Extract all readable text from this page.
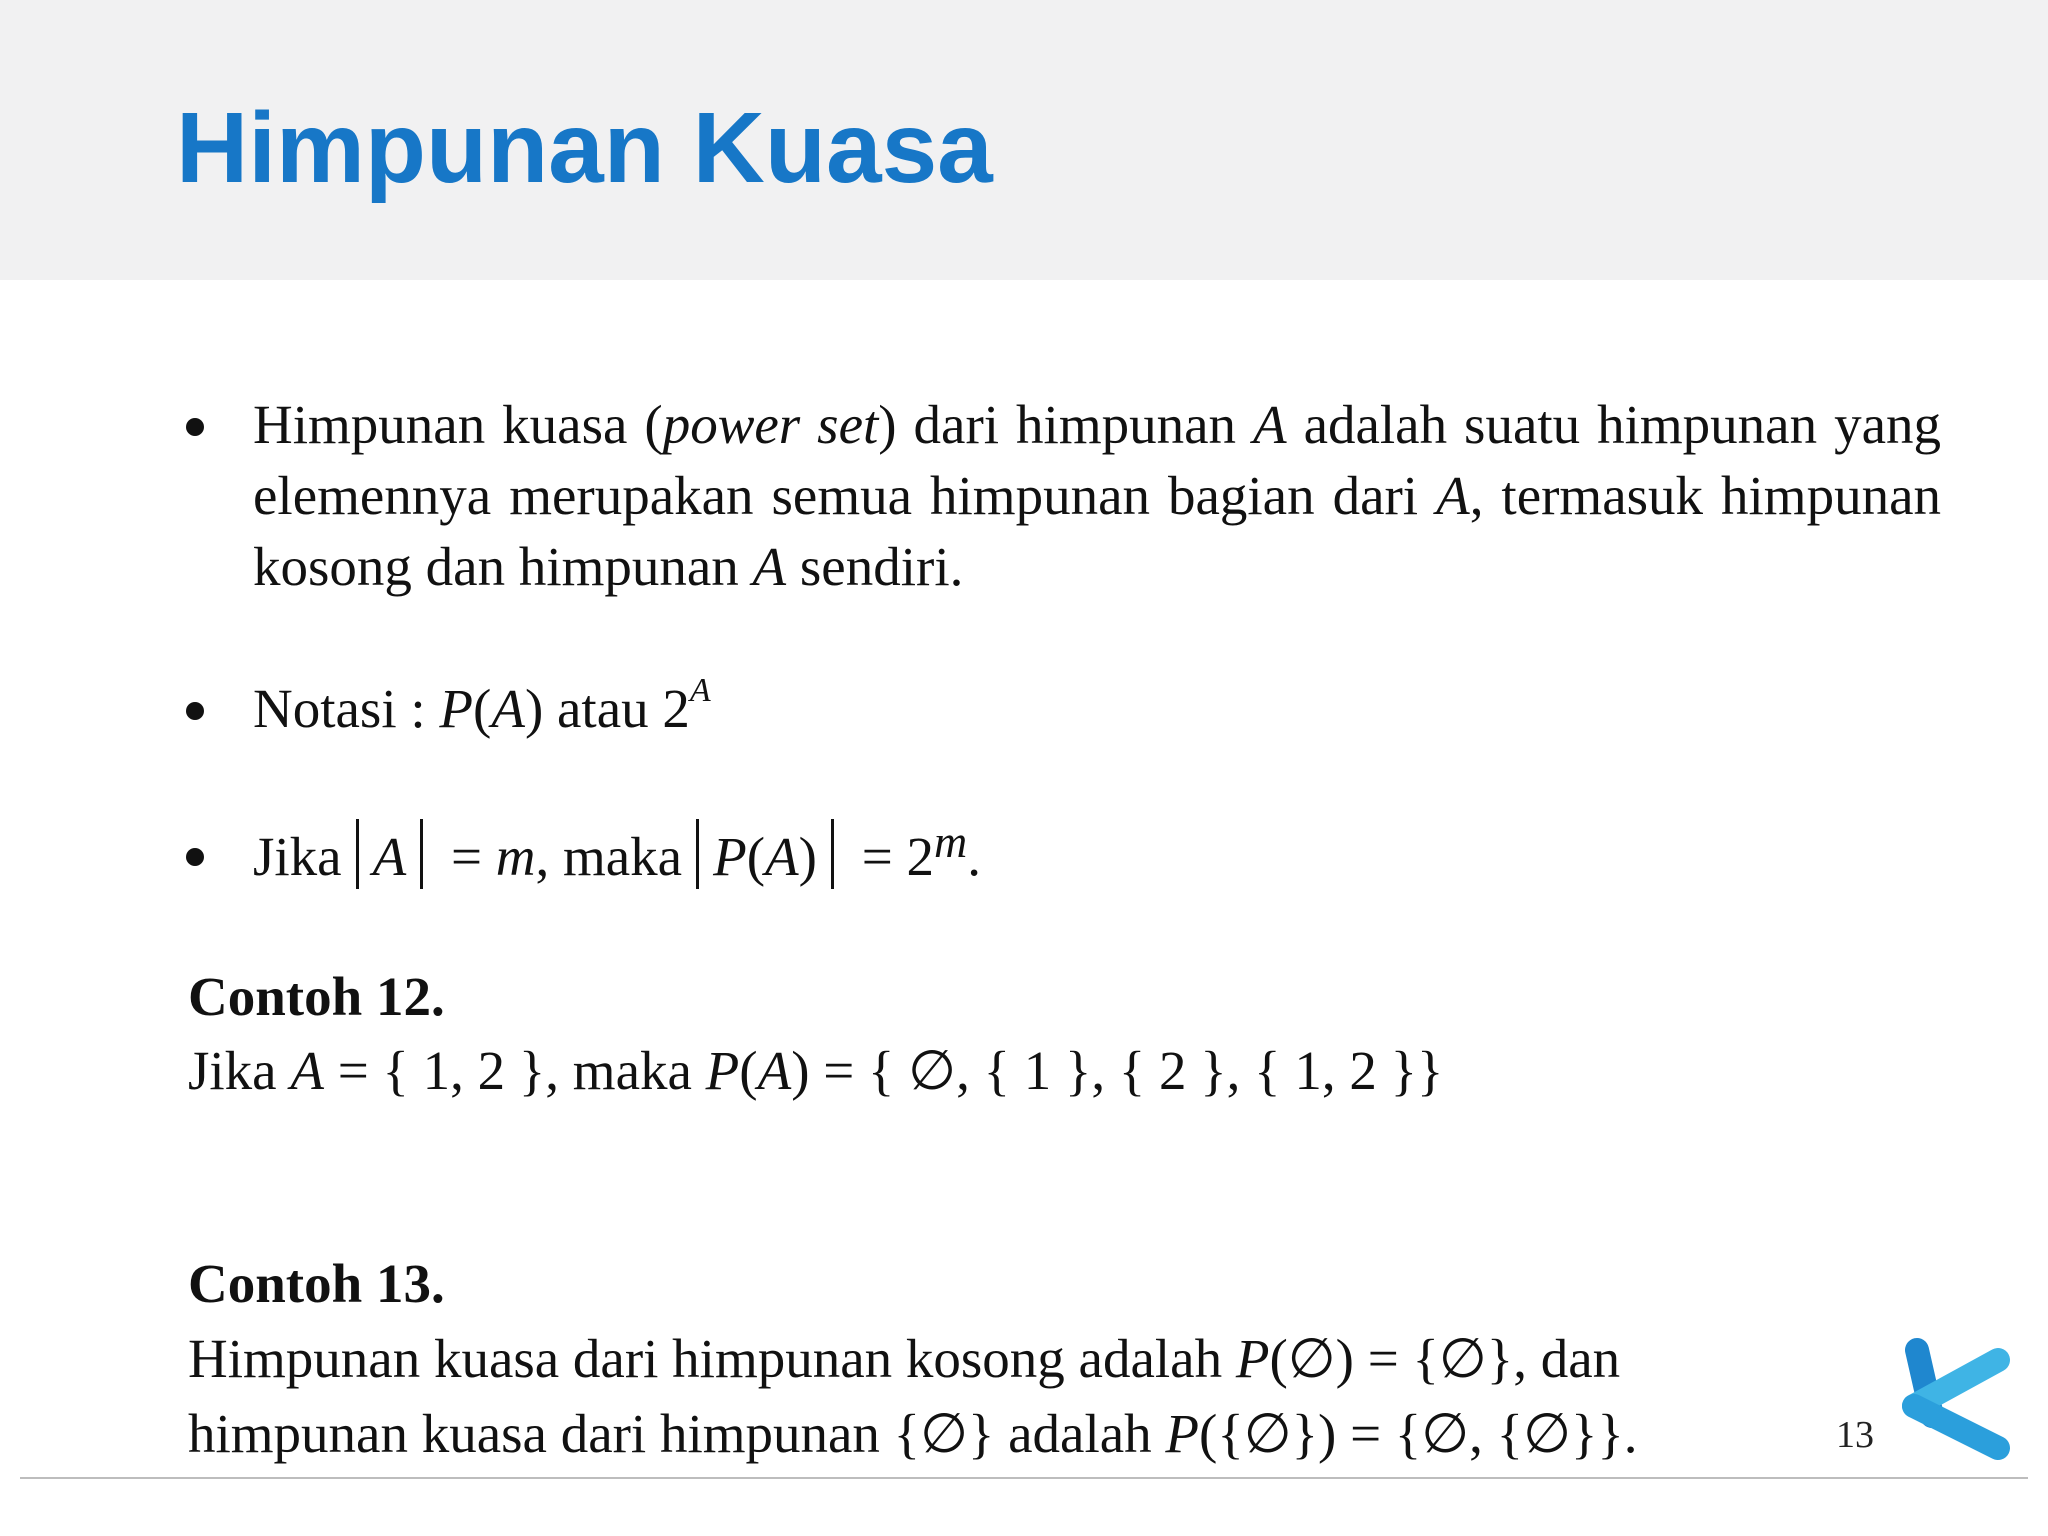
Himpunan Kuasa

Himpunan kuasa (power set) dari himpunan A adalah suatu himpunan yang elemennya merupakan semua himpunan bagian dari A, termasuk himpunan kosong dan himpunan A sendiri.

Notasi : P(A) atau $2^A$

Jika A = m, maka $P(A) = 2^m$.

Contoh 12.

Jika A = { 1, 2 }, maka P(A) = { ∅, { 1 }, { 2 }, { 1, 2 }}

Contoh 13.

Himpunan kuasa dari himpunan kosong adalah P(∅) = {∅}, dan

himpunan kuasa dari himpunan {∅} adalah P({∅}) = {∅, {∅}}.	13
